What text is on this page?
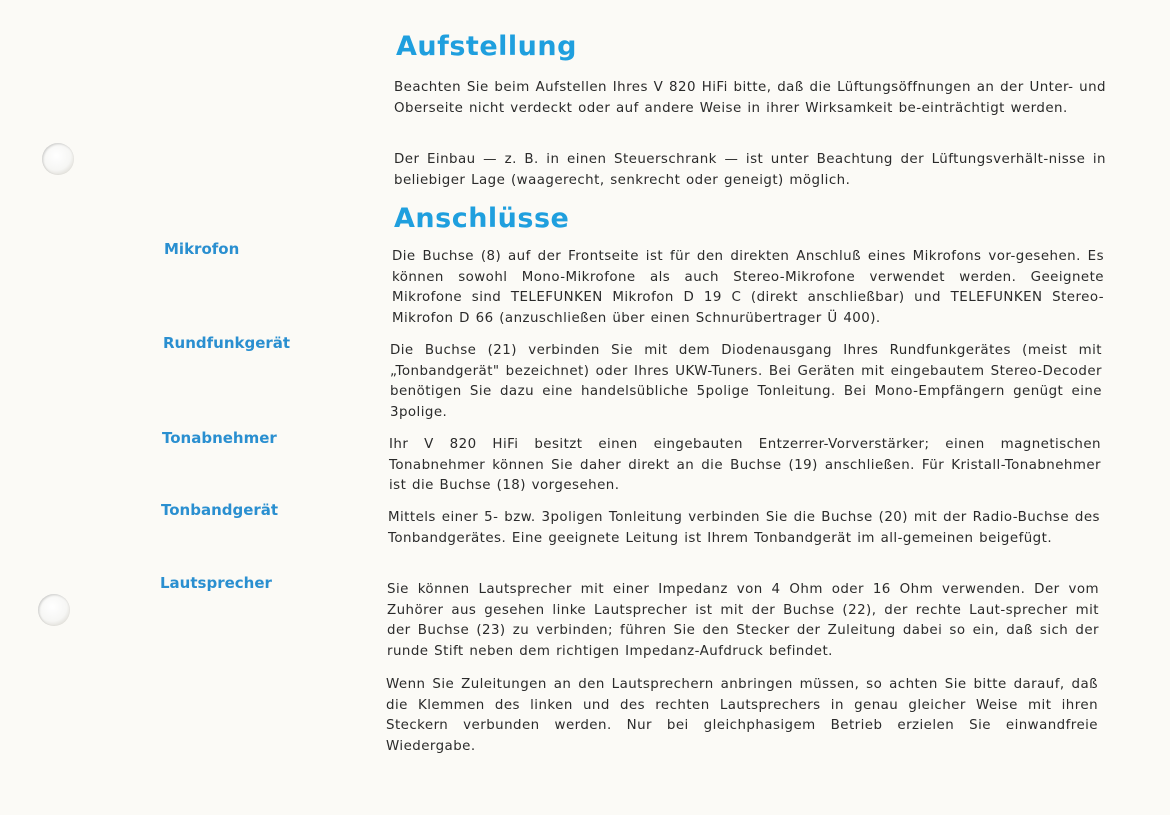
Aufstellung

Beachten Sie beim Aufstellen Ihres V 820 HiFi bitte, daß die Lüftungsöffnungen an der Unter- und Oberseite nicht verdeckt oder auf andere Weise in ihrer Wirksamkeit be-einträchtigt werden.

Der Einbau — z. B. in einen Steuerschrank — ist unter Beachtung der Lüftungsverhält-nisse in beliebiger Lage (waagerecht, senkrecht oder geneigt) möglich.

Anschlüsse
Mikrofon	Die Buchse (8) auf der Frontseite ist für den direkten Anschluß eines Mikrofons vor-gesehen. Es können sowohl Mono-Mikrofone als auch Stereo-Mikrofone verwendet werden. Geeignete Mikrofone sind TELEFUNKEN Mikrofon D 19 C (direkt anschließbar) und TELEFUNKEN Stereo-Mikrofon D 66 (anzuschließen über einen Schnurübertrager Ü 400).

Rundfunkgerät	Die Buchse (21) verbinden Sie mit dem Diodenausgang Ihres Rundfunkgerätes (meist mit „Tonbandgerät" bezeichnet) oder Ihres UKW-Tuners. Bei Geräten mit eingebautem Stereo-Decoder benötigen Sie dazu eine handelsübliche 5polige Tonleitung. Bei Mono-Empfängern genügt eine 3polige.

Tonabnehmer	Ihr V 820 HiFi besitzt einen eingebauten Entzerrer-Vorverstärker; einen magnetischen Tonabnehmer können Sie daher direkt an die Buchse (19) anschließen. Für Kristall-Tonabnehmer ist die Buchse (18) vorgesehen.

Tonbandgerät	Mittels einer 5- bzw. 3poligen Tonleitung verbinden Sie die Buchse (20) mit der Radio-Buchse des Tonbandgerätes. Eine geeignete Leitung ist Ihrem Tonbandgerät im all-gemeinen beigefügt.

Lautsprecher	Sie können Lautsprecher mit einer Impedanz von 4 Ohm oder 16 Ohm verwenden. Der vom Zuhörer aus gesehen linke Lautsprecher ist mit der Buchse (22), der rechte Laut-sprecher mit der Buchse (23) zu verbinden; führen Sie den Stecker der Zuleitung dabei so ein, daß sich der runde Stift neben dem richtigen Impedanz-Aufdruck befindet.

Wenn Sie Zuleitungen an den Lautsprechern anbringen müssen, so achten Sie bitte darauf, daß die Klemmen des linken und des rechten Lautsprechers in genau gleicher Weise mit ihren Steckern verbunden werden. Nur bei gleichphasigem Betrieb erzielen Sie einwandfreie Wiedergabe.
